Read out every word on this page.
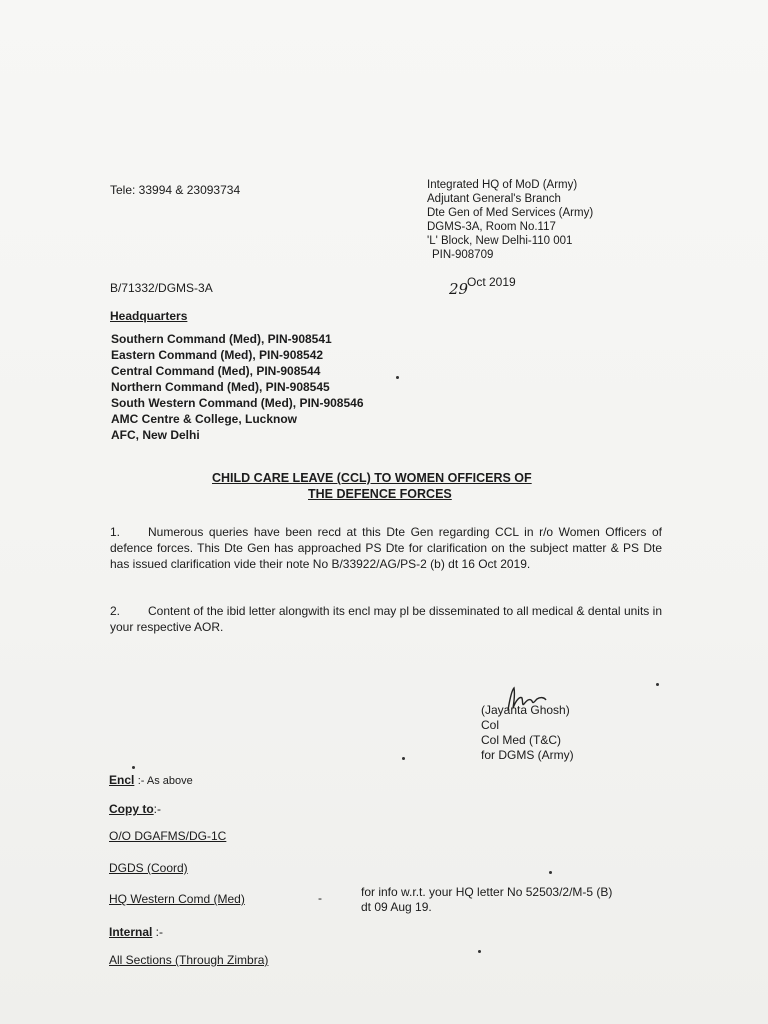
Tele: 33994 & 23093734	Integrated HQ of MoD (Army)
Adjutant General's Branch
Dte Gen of Med Services (Army)
DGMS-3A, Room No.117
'L' Block, New Delhi-110 001
PIN-908709
B/71332/DGMS-3A	29
Oct 2019
Headquarters
Southern Command (Med), PIN-908541
Eastern Command (Med), PIN-908542
Central Command (Med), PIN-908544
Northern Command (Med), PIN-908545
South Western Command (Med), PIN-908546
AMC Centre & College, Lucknow
AFC, New Delhi
CHILD CARE LEAVE (CCL) TO WOMEN OFFICERS OF
THE DEFENCE FORCES
1. Numerous queries have been recd at this Dte Gen regarding CCL in r/o Women Officers of defence forces. This Dte Gen has approached PS Dte for clarification on the subject matter & PS Dte has issued clarification vide their note No B/33922/AG/PS-2 (b) dt 16 Oct 2019.
2. Content of the ibid letter alongwith its encl may pl be disseminated to all medical & dental units in your respective AOR.
(Jayanta Ghosh)
Col
Col Med (T&C)
for DGMS (Army)
Encl :- As above
Copy to:-
O/O DGAFMS/DG-1C
DGDS (Coord)
HQ Western Comd (Med)	-	for info w.r.t. your HQ letter No 52503/2/M-5 (B)
dt 09 Aug 19.
Internal :-
All Sections (Through Zimbra)
